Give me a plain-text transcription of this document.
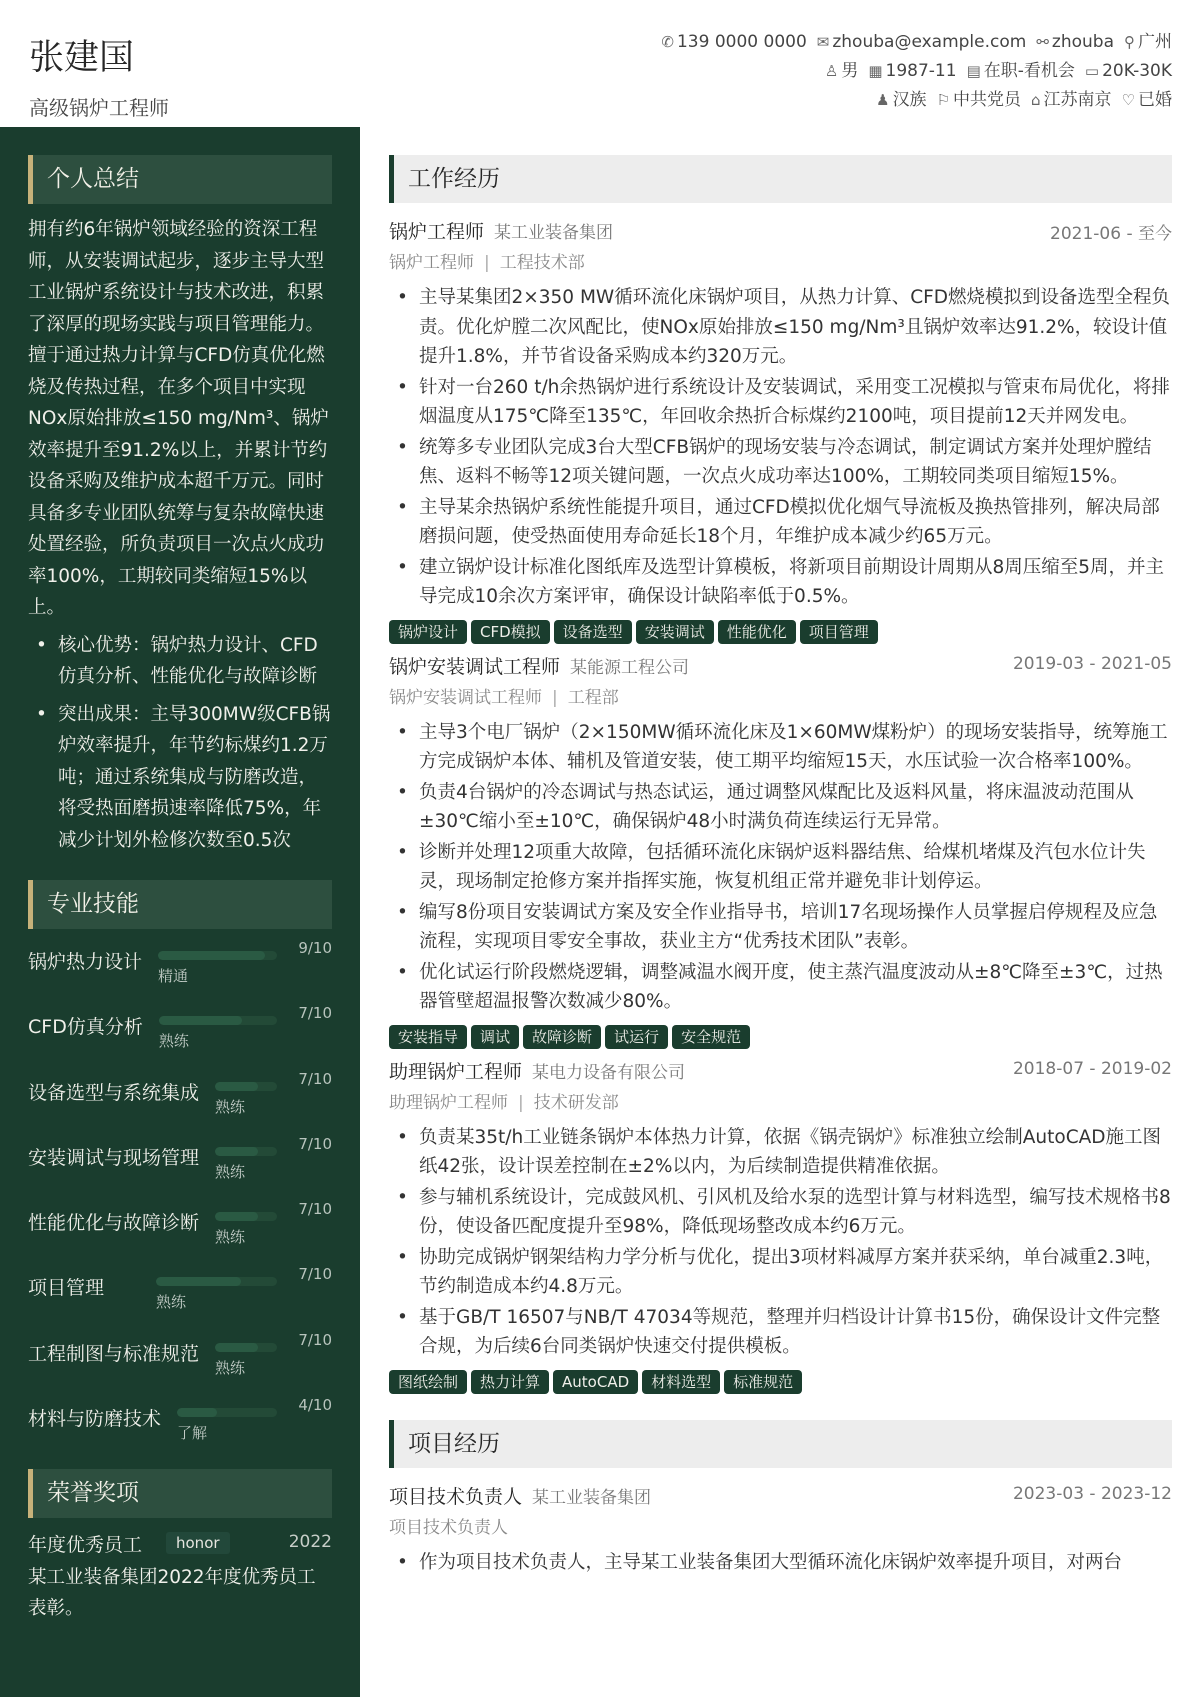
张建国
高级锅炉工程师
✆ 139 0000 0000 ✉ zhouba@example.com ⚯ zhouba ⚲ 广州
♙ 男 ▦ 1987-11 ▤ 在职-看机会 ▭ 20K-30K
♟ 汉族 ⚐ 中共党员 ⌂ 江苏南京 ♡ 已婚
个人总结
拥有约6年锅炉领域经验的资深工程师，从安装调试起步，逐步主导大型工业锅炉系统设计与技术改进，积累了深厚的现场实践与项目管理能力。擅于通过热力计算与CFD仿真优化燃烧及传热过程，在多个项目中实现NOx原始排放≤150 mg/Nm³、锅炉效率提升至91.2%以上，并累计节约设备采购及维护成本超千万元。同时具备多专业团队统筹与复杂故障快速处置经验，所负责项目一次点火成功率100%，工期较同类缩短15%以上。
• 核心优势：锅炉热力设计、CFD仿真分析、性能优化与故障诊断
• 突出成果：主导300MW级CFB锅炉效率提升，年节约标煤约1.2万吨；通过系统集成与防磨改造，将受热面磨损速率降低75%，年减少计划外检修次数至0.5次
专业技能
锅炉热力设计
精通
9/10
CFD仿真分析
熟练
7/10
设备选型与系统集成
熟练
7/10
安装调试与现场管理
熟练
7/10
性能优化与故障诊断
熟练
7/10
项目管理
熟练
7/10
工程制图与标准规范
熟练
7/10
材料与防磨技术
了解
4/10
荣誉奖项
年度优秀员工	honor	2022
某工业装备集团2022年度优秀员工表彰。
工作经历
锅炉工程师 某工业装备集团	2021-06 - 至今
锅炉工程师 | 工程技术部
• 主导某集团2×350 MW循环流化床锅炉项目，从热力计算、CFD燃烧模拟到设备选型全程负责。优化炉膛二次风配比，使NOx原始排放≤150 mg/Nm³且锅炉效率达91.2%，较设计值提升1.8%，并节省设备采购成本约320万元。
• 针对一台260 t/h余热锅炉进行系统设计及安装调试，采用变工况模拟与管束布局优化，将排烟温度从175℃降至135℃，年回收余热折合标煤约2100吨，项目提前12天并网发电。
• 统筹多专业团队完成3台大型CFB锅炉的现场安装与冷态调试，制定调试方案并处理炉膛结焦、返料不畅等12项关键问题，一次点火成功率达100%，工期较同类项目缩短15%。
• 主导某余热锅炉系统性能提升项目，通过CFD模拟优化烟气导流板及换热管排列，解决局部磨损问题，使受热面使用寿命延长18个月，年维护成本减少约65万元。
• 建立锅炉设计标准化图纸库及选型计算模板，将新项目前期设计周期从8周压缩至5周，并主导完成10余次方案评审，确保设计缺陷率低于0.5%。
锅炉设计 CFD模拟 设备选型 安装调试 性能优化 项目管理
锅炉安装调试工程师 某能源工程公司	2019-03 - 2021-05
锅炉安装调试工程师 | 工程部
• 主导3个电厂锅炉（2×150MW循环流化床及1×60MW煤粉炉）的现场安装指导，统筹施工方完成锅炉本体、辅机及管道安装，使工期平均缩短15天，水压试验一次合格率100%。
• 负责4台锅炉的冷态调试与热态试运，通过调整风煤配比及返料风量，将床温波动范围从±30℃缩小至±10℃，确保锅炉48小时满负荷连续运行无异常。
• 诊断并处理12项重大故障，包括循环流化床锅炉返料器结焦、给煤机堵煤及汽包水位计失灵，现场制定抢修方案并指挥实施，恢复机组正常并避免非计划停运。
• 编写8份项目安装调试方案及安全作业指导书，培训17名现场操作人员掌握启停规程及应急流程，实现项目零安全事故，获业主方“优秀技术团队”表彰。
• 优化试运行阶段燃烧逻辑，调整减温水阀开度，使主蒸汽温度波动从±8℃降至±3℃，过热器管壁超温报警次数减少80%。
安装指导 调试 故障诊断 试运行 安全规范
助理锅炉工程师 某电力设备有限公司	2018-07 - 2019-02
助理锅炉工程师 | 技术研发部
• 负责某35t/h工业链条锅炉本体热力计算，依据《锅壳锅炉》标准独立绘制AutoCAD施工图纸42张，设计误差控制在±2%以内，为后续制造提供精准依据。
• 参与辅机系统设计，完成鼓风机、引风机及给水泵的选型计算与材料选型，编写技术规格书8份，使设备匹配度提升至98%，降低现场整改成本约6万元。
• 协助完成锅炉钢架结构力学分析与优化，提出3项材料减厚方案并获采纳，单台减重2.3吨，节约制造成本约4.8万元。
• 基于GB/T 16507与NB/T 47034等规范，整理并归档设计计算书15份，确保设计文件完整合规，为后续6台同类锅炉快速交付提供模板。
图纸绘制 热力计算 AutoCAD 材料选型 标准规范
项目经历
项目技术负责人 某工业装备集团	2023-03 - 2023-12
项目技术负责人
• 作为项目技术负责人，主导某工业装备集团大型循环流化床锅炉效率提升项目，对两台
